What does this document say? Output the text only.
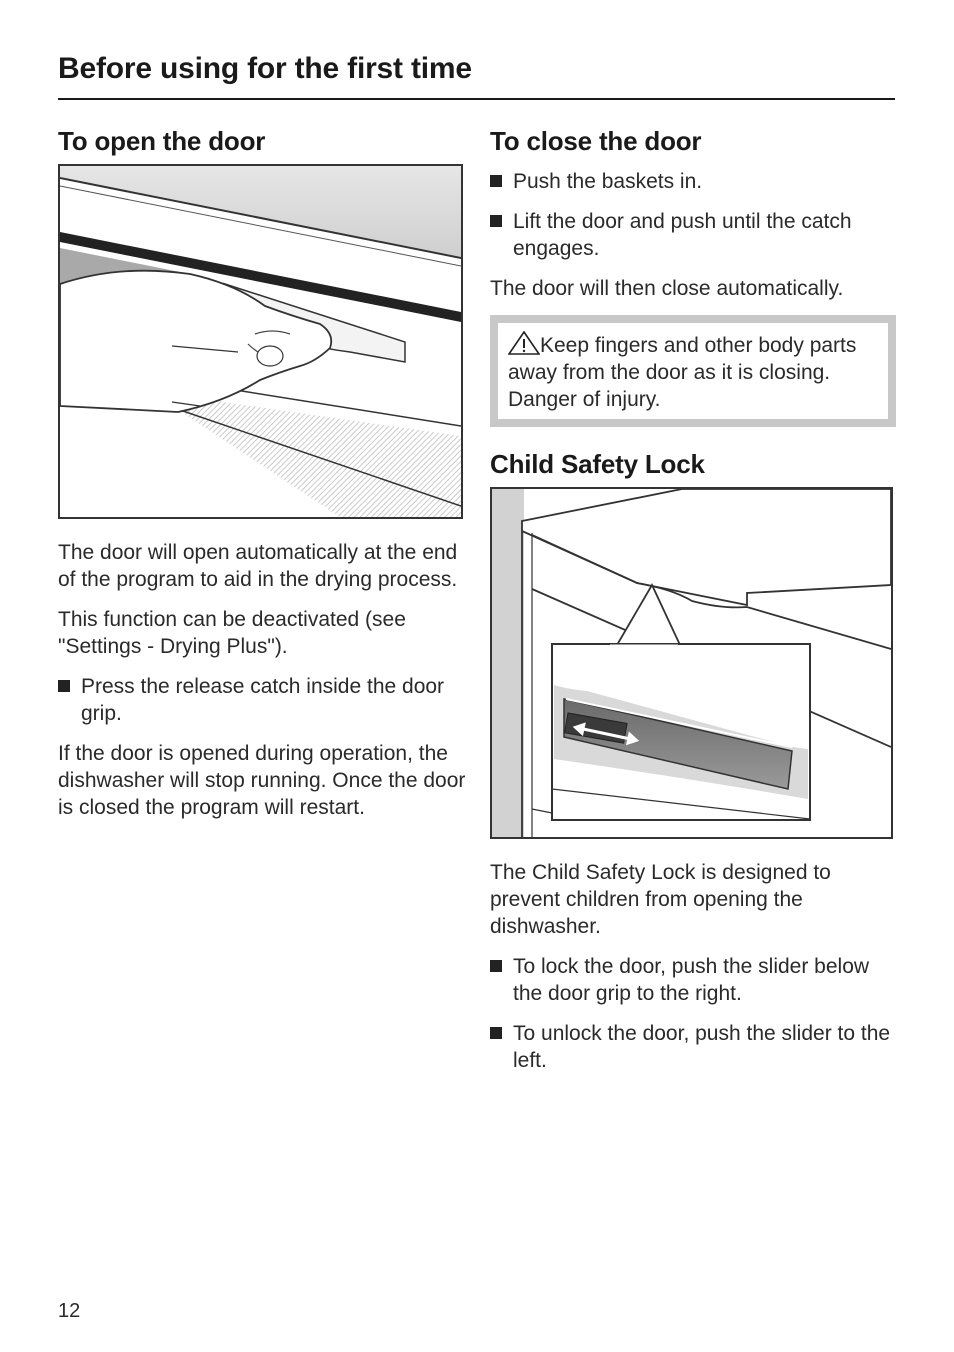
Before using for the first time
To open the door

The door will open automatically at the end of the program to aid in the drying process.

This function can be deactivated (see "Settings - Drying Plus").

Press the release catch inside the door grip.

If the door is opened during operation, the dishwasher will stop running. Once the door is closed the program will restart.

To close the door
Push the baskets in.
Lift the door and push until the catch engages.

The door will then close automatically.

Keep fingers and other body parts away from the door as it is closing. Danger of injury.

Child Safety Lock

The Child Safety Lock is designed to prevent children from opening the dishwasher.

To lock the door, push the slider below the door grip to the right.
To unlock the door, push the slider to the left.
12
